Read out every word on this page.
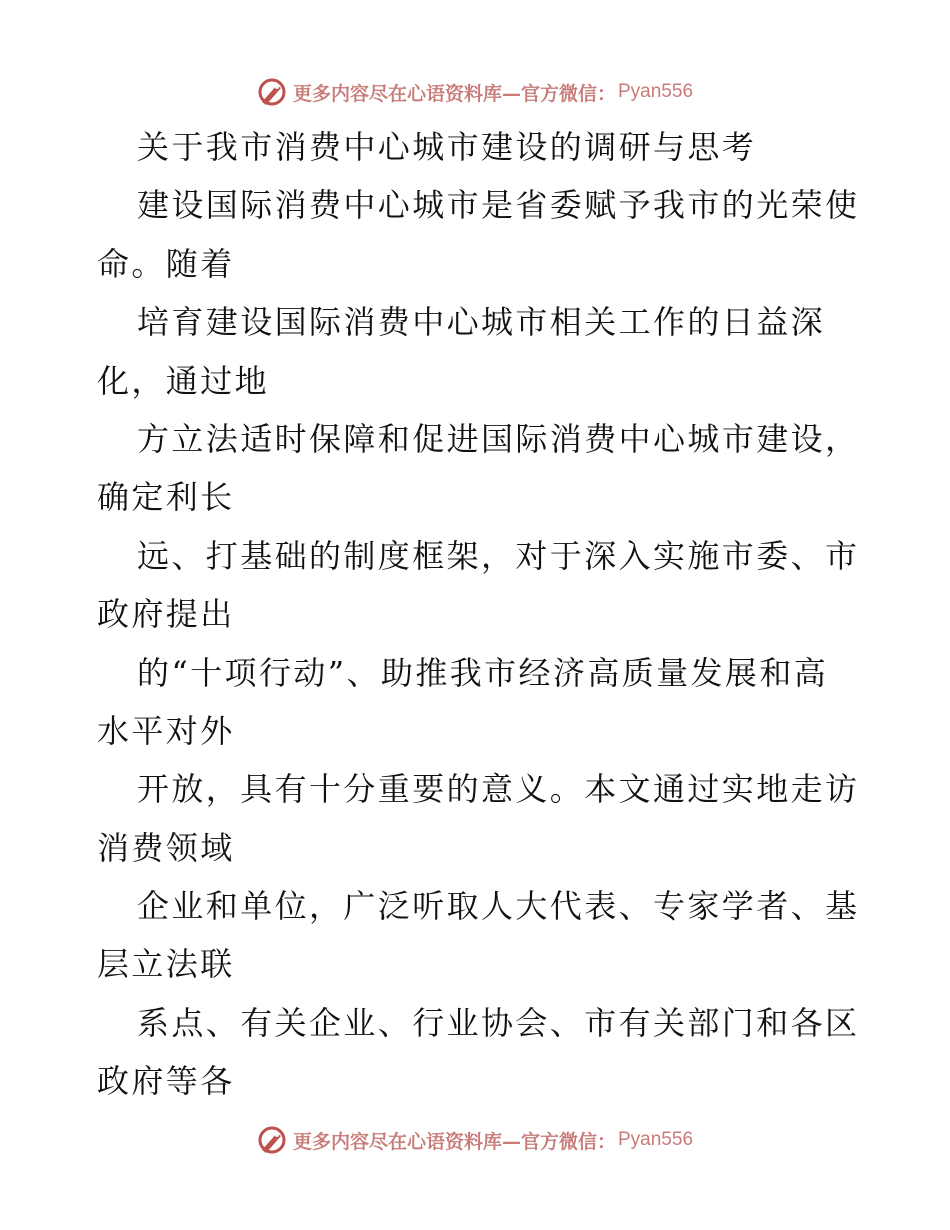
更多内容尽在心语资料库—官方微信： Pyan556
关于我市消费中心城市建设的调研与思考
建设国际消费中心城市是省委赋予我市的光荣使
命。随着
培育建设国际消费中心城市相关工作的日益深
化，通过地
方立法适时保障和促进国际消费中心城市建设，
确定利长
远、打基础的制度框架，对于深入实施市委、市
政府提出
的“十项行动”、助推我市经济高质量发展和高
水平对外
开放，具有十分重要的意义。本文通过实地走访
消费领域
企业和单位，广泛听取人大代表、专家学者、基
层立法联
系点、有关企业、行业协会、市有关部门和各区
政府等各
更多内容尽在心语资料库—官方微信： Pyan556
